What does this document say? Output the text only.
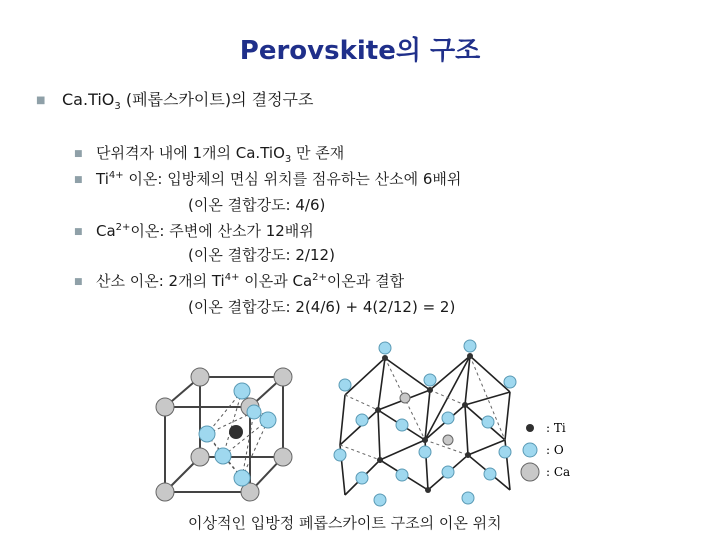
Perovskite의 구조
■ Ca.TiO$_3$ (페롭스카이트)의 결정구조
■ 단위격자 내에 1개의 Ca.TiO$_3$ 만 존재
■ $Ti^{4+}$ 이온: 입방체의 면심 위치를 점유하는 산소에 6배위
(이온 결합강도: 4/6)
■ $Ca^{2+}$이온: 주변에 산소가 12배위
(이온 결합강도: 2/12)
■ 산소 이온: 2개의 $Ti^{4+}$ 이온과 $Ca^{2+}$이온과 결합
(이온 결합강도: 2(4/6) + 4(2/12) = 2)
: Ti
: O
: Ca
이상적인 입방정 페롭스카이트 구조의 이온 위치
